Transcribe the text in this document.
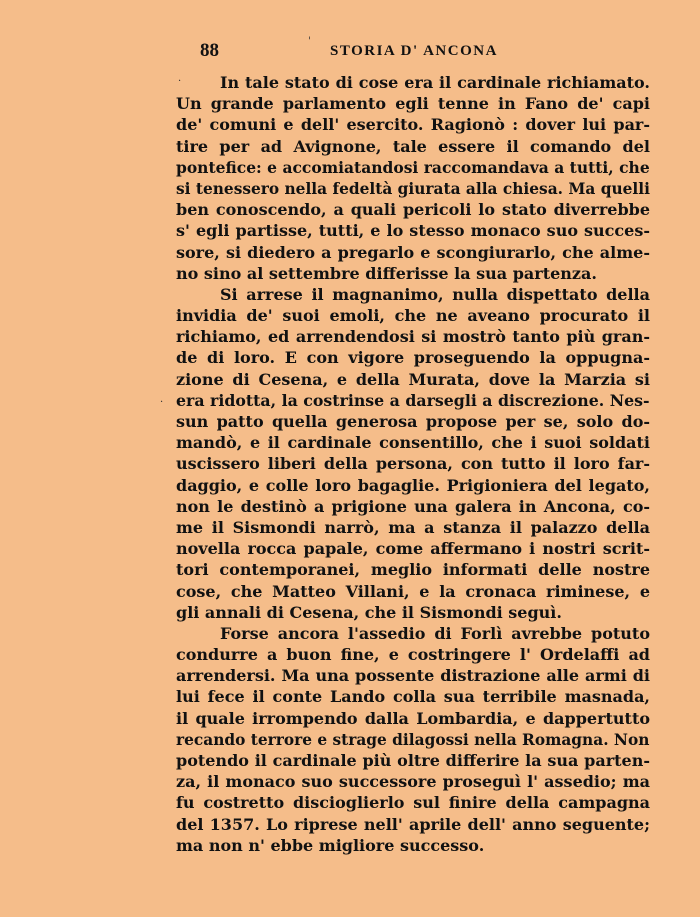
88	STORIA D' ANCONA
'
·
·
In tale stato di cose era il cardinale richiamato.
Un grande parlamento egli tenne in Fano de' capi
de' comuni e dell' esercito. Ragionò : dover lui par-
tire per ad Avignone, tale essere il comando del
pontefice: e accomiatandosi raccomandava a tutti, che
si tenessero nella fedeltà giurata alla chiesa. Ma quelli
ben conoscendo, a quali pericoli lo stato diverrebbe
s' egli partisse, tutti, e lo stesso monaco suo succes-
sore, si diedero a pregarlo e scongiurarlo, che almе-
no sino al settembre differisse la sua partenza.
Si arrese il magnanimo, nulla dispettato della
invidia de' suoi emoli, che ne aveano procurato il
richiamo, ed arrendendosi si mostrò tanto più gran-
de di loro. E con vigore proseguendo la oppugna-
zione di Cesena, e della Murata, dove la Marzia si
era ridotta, la costrinse a darsegli a discrezione. Nes-
sun patto quella generosa propose per se, solo do-
mandò, e il cardinale consentillo, che i suoi soldati
uscissero liberi della persona, con tutto il loro far-
daggio, e colle loro bagaglie. Prigioniera del legato,
non le destinò a prigione una galera in Ancona, co-
me il Sismondi narrò, ma a stanza il palazzo della
novella rocca papale, come affermano i nostri scrit-
tori contemporanei, meglio informati delle nostre
cose, che Matteo Villani, e la cronaca riminese, e
gli annali di Cesena, che il Sismondi seguì.
Forse ancora l'assedio di Forlì avrebbe potuto
condurre a buon fine, e costringere l' Ordelaffi ad
arrendersi. Ma una possente distrazione alle armi di
lui fece il conte Lando colla sua terribile masnada,
il quale irrompendo dalla Lombardia, e dappertutto
recando terrore e strage dilagossi nella Romagna. Non
potendo il cardinale più oltre differire la sua parten-
za, il monaco suo successore proseguì l' assedio; ma
fu costretto discioglierlo sul finire della campagna
del 1357. Lo riprese nell' aprile dell' anno seguente;
ma non n' ebbe migliore successo.
